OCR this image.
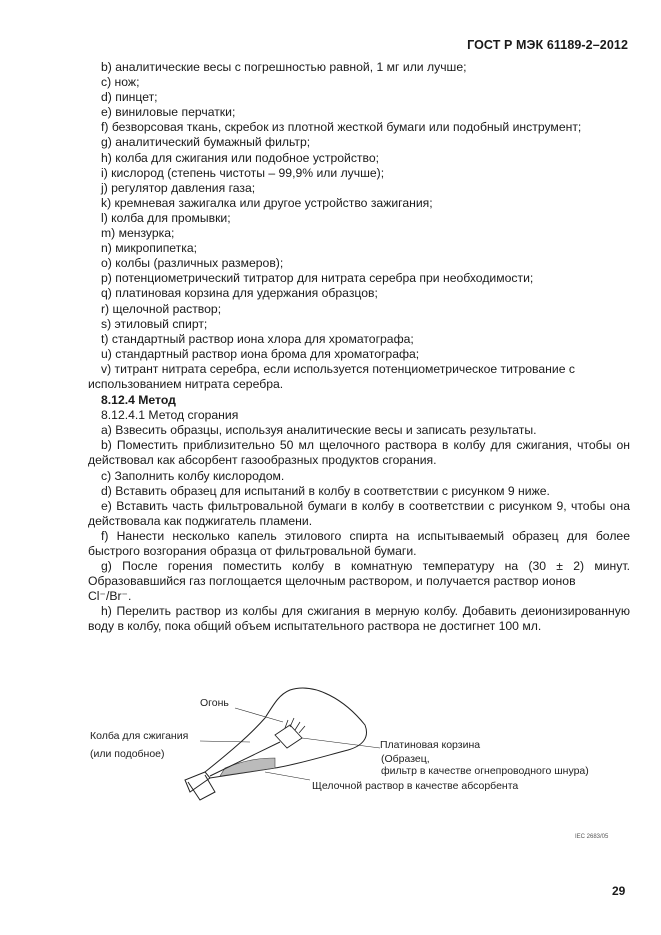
ГОСТ Р МЭК 61189-2–2012
b) аналитические весы с погрешностью равной, 1 мг или лучше;
c) нож;
d) пинцет;
e) виниловые перчатки;
f) безворсовая ткань, скребок из плотной жесткой бумаги или подобный инструмент;
g) аналитический бумажный фильтр;
h) колба для сжигания или подобное устройство;
i) кислород (степень чистоты – 99,9% или лучше);
j) регулятор давления газа;
k) кремневая зажигалка или другое устройство зажигания;
l) колба для промывки;
m) мензурка;
n) микропипетка;
o) колбы (различных размеров);
p) потенциометрический титратор для нитрата серебра при необходимости;
q) платиновая корзина для удержания образцов;
r) щелочной раствор;
s) этиловый спирт;
t) стандартный раствор иона хлора для хроматографа;
u) стандартный раствор иона брома для хроматографа;
v) титрант нитрата серебра, если используется потенциометрическое титрование с
использованием нитрата серебра.
8.12.4 Метод
8.12.4.1 Метод сгорания
a) Взвесить образцы, используя аналитические весы и записать результаты.
b) Поместить приблизительно 50 мл щелочного раствора в колбу для сжигания, чтобы он действовал как абсорбент газообразных продуктов сгорания.
c) Заполнить колбу кислородом.
d) Вставить образец для испытаний в колбу в соответствии с рисунком 9 ниже.
e) Вставить часть фильтровальной бумаги в колбу в соответствии с рисунком 9, чтобы она действовала как поджигатель пламени.
f) Нанести несколько капель этилового спирта на испытываемый образец для более быстрого возгорания образца от фильтровальной бумаги.
g) После горения поместить колбу в комнатную температуру на (30 ± 2) минут. Образовавшийся газ поглощается щелочным раствором, и получается раствор ионов
Cl⁻/Br⁻.
h) Перелить раствор из колбы для сжигания в мерную колбу. Добавить деионизированную воду в колбу, пока общий объем испытательного раствора не достигнет 100 мл.
Огонь
Колба для сжигания
(или подобное)
Платиновая корзина
(Образец,
фильтр в качестве огнепроводного шнура)
Щелочной раствор в качестве абсорбента
IEC 2683/05
29
